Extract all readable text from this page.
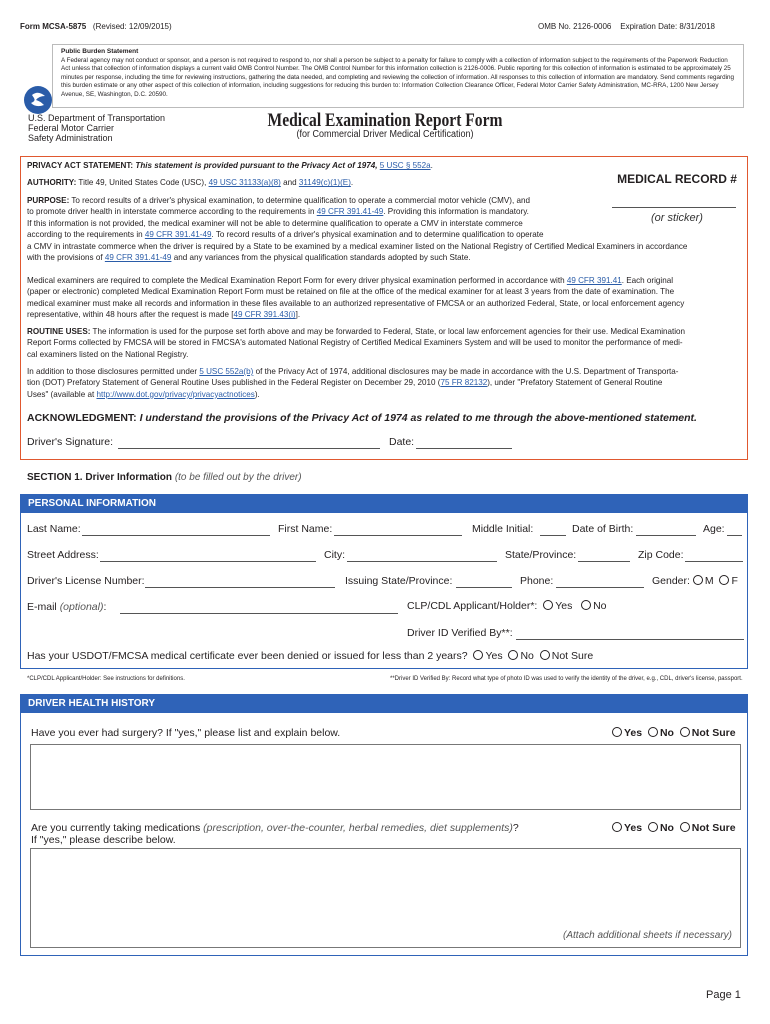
Form MCSA-5875 (Revised: 12/09/2015)	OMB No. 2126-0006 Expiration Date: 8/31/2018
Public Burden Statement
A Federal agency may not conduct or sponsor, and a person is not required to respond to, nor shall a person be subject to a penalty for failure to comply with a collection of information subject to the requirements of the Paperwork Reduction Act unless that collection of information displays a current valid OMB Control Number. The OMB Control Number for this information collection is 2126-0006. Public reporting for this collection of information is estimated to be approximately 25 minutes per response, including the time for reviewing instructions, gathering the data needed, and completing and reviewing the collection of information. All responses to this collection of information are mandatory. Send comments regarding this burden estimate or any other aspect of this collection of information, including suggestions for reducing this burden to: Information Collection Clearance Officer, Federal Motor Carrier Safety Administration, MC-RRA, 1200 New Jersey Avenue, SE, Washington, D.C. 20590.
U.S. Department of Transportation
Federal Motor Carrier
Safety Administration
Medical Examination Report Form
(for Commercial Driver Medical Certification)
PRIVACY ACT STATEMENT: This statement is provided pursuant to the Privacy Act of 1974, 5 USC § 552a.
AUTHORITY: Title 49, United States Code (USC), 49 USC 31133(a)(8) and 31149(c)(1)(E).
PURPOSE: To record results of a driver's physical examination, to determine qualification to operate a commercial motor vehicle (CMV), and
to promote driver health in interstate commerce according to the requirements in 49 CFR 391.41-49. Providing this information is mandatory.
If this information is not provided, the medical examiner will not be able to determine qualification to operate a CMV in interstate commerce
according to the requirements in 49 CFR 391.41-49. To record results of a driver's physical examination and to determine qualification to operate
a CMV in intrastate commerce when the driver is required by a State to be examined by a medical examiner listed on the National Registry of Certified Medical Examiners in accordance
with the provisions of 49 CFR 391.41-49 and any variances from the physical qualification standards adopted by such State.
MEDICAL RECORD #
(or sticker)
Medical examiners are required to complete the Medical Examination Report Form for every driver physical examination performed in accordance with 49 CFR 391.41. Each original
(paper or electronic) completed Medical Examination Report Form must be retained on file at the office of the medical examiner for at least 3 years from the date of examination. The
medical examiner must make all records and information in these files available to an authorized representative of FMCSA or an authorized Federal, State, or local enforcement agency
representative, within 48 hours after the request is made [49 CFR 391.43(i)].
ROUTINE USES: The information is used for the purpose set forth above and may be forwarded to Federal, State, or local law enforcement agencies for their use. Medical Examination
Report Forms collected by FMCSA will be stored in FMCSA's automated National Registry of Certified Medical Examiners System and will be used to monitor the performance of medi-
cal examiners listed on the National Registry.
In addition to those disclosures permitted under 5 USC 552a(b) of the Privacy Act of 1974, additional disclosures may be made in accordance with the U.S. Department of Transporta-
tion (DOT) Prefatory Statement of General Routine Uses published in the Federal Register on December 29, 2010 (75 FR 82132), under "Prefatory Statement of General Routine
Uses" (available at http://www.dot.gov/privacy/privacyactnotices).
ACKNOWLEDGMENT: I understand the provisions of the Privacy Act of 1974 as related to me through the above-mentioned statement.
Driver's Signature:	Date:
SECTION 1. Driver Information (to be filled out by the driver)
PERSONAL INFORMATION
Last Name:	First Name:	Middle Initial:	Date of Birth:	Age:
Street Address:	City:	State/Province:	Zip Code:
Driver's License Number:	Issuing State/Province:	Phone:	Gender: M F
E-mail (optional):	CLP/CDL Applicant/Holder*: Yes No
Driver ID Verified By**:
Has your USDOT/FMCSA medical certificate ever been denied or issued for less than 2 years? Yes No Not Sure
*CLP/CDL Applicant/Holder: See instructions for definitions.	**Driver ID Verified By: Record what type of photo ID was used to verify the identity of the driver, e.g., CDL, driver's license, passport.
DRIVER HEALTH HISTORY
Have you ever had surgery? If "yes," please list and explain below.	Yes No Not Sure
Are you currently taking medications (prescription, over-the-counter, herbal remedies, diet supplements)?
If "yes," please describe below.
Yes No Not Sure
(Attach additional sheets if necessary)
Page 1
